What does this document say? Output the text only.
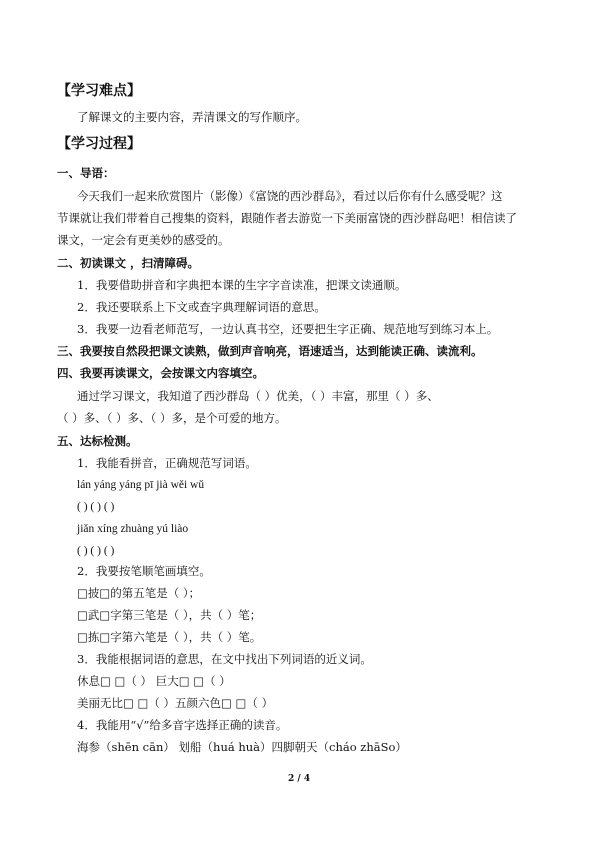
【学习难点】
了解课文的主要内容，弄清课文的写作顺序。
【学习过程】
一、导语：
今天我们一起来欣赏图片（影像）《富饶的西沙群岛》，看过以后你有什么感受呢？这
节课就让我们带着自己搜集的资料，跟随作者去游览一下美丽富饶的西沙群岛吧！相信读了
课文，一定会有更美妙的感受的。
二、初读课文 ，扫清障碍。
1．我要借助拼音和字典把本课的生字字音读准，把课文读通顺。
2．我还要联系上下文或查字典理解词语的意思。
3．我要一边看老师范写，一边认真书空，还要把生字正确、规范地写到练习本上。
三、我要按自然段把课文读熟，做到声音响亮，语速适当，达到能读正确、读流利。
四、我要再读课文，会按课文内容填空。
通过学习课文，我知道了西沙群岛（ ）优美，（ ）丰富，那里（ ）多、
（ ）多、（ ）多、（ ）多，是个可爱的地方。
五、达标检测。
1．我能看拼音，正确规范写词语。
lán yáng yáng pī jià wěi wǔ
( ) ( ) ( )
jiǎn xíng zhuàng yú liào
( ) ( ) ( )
2．我要按笔顺笔画填空。
□披□的第五笔是（ ）；
□武□字第三笔是（ ），共（ ）笔；
□拣□字第六笔是（ ），共（ ）笔。
3．我能根据词语的意思，在文中找出下列词语的近义词。
休息□ □（ ） 巨大□ □（ ）
美丽无比□ □（ ）五颜六色□ □（ ）
4．我能用“√”给多音字选择正确的读音。
海参（shēn cān） 划船（huá huà）四脚朝天（cháo zhāSo）
2 / 4
